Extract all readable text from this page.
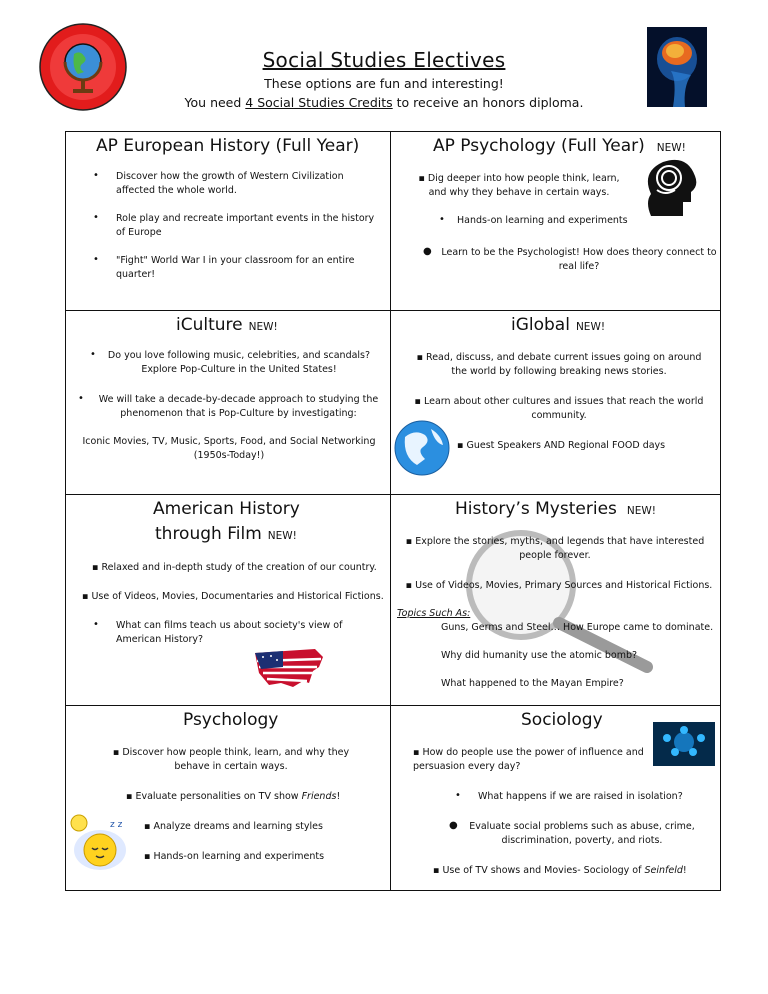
Social Studies Electives
These options are fun and interesting!
You need 4 Social Studies Credits to receive an honors diploma.
AP European History (Full Year)
• Discover how the growth of Western Civilization affected the whole world.
• Role play and recreate important events in the history of Europe
• "Fight" World War I in your classroom for an entire quarter!
AP Psychology (Full Year) NEW!
▪ Dig deeper into how people think, learn, and why they behave in certain ways.
• Hands-on learning and experiments
● Learn to be the Psychologist! How does theory connect to real life?
iCulture NEW!
•	Do you love following music, celebrities, and scandals? Explore Pop-Culture in the United States!
• We will take a decade-by-decade approach to studying the phenomenon that is Pop-Culture by investigating:
Iconic Movies, TV, Music, Sports, Food, and Social Networking (1950s-Today!)
iGlobal NEW!
▪ Read, discuss, and debate current issues going on around the world by following breaking news stories.
▪ Learn about other cultures and issues that reach the world community.
▪ Guest Speakers AND Regional FOOD days
American History
through Film NEW!
▪ Relaxed and in-depth study of the creation of our country.
▪ Use of Videos, Movies, Documentaries and Historical Fictions.
• What can films teach us about society's view of American History?
History’s Mysteries NEW!
▪ Explore the stories, myths, and legends that have interested people forever.
▪ Use of Videos, Movies, Primary Sources and Historical Fictions.
Topics Such As:
Guns, Germs and Steel… How Europe came to dominate.
Why did humanity use the atomic bomb?
What happened to the Mayan Empire?
Psychology
▪ Discover how people think, learn, and why they behave in certain ways.
▪ Evaluate personalities on TV show Friends!
▪ Analyze dreams and learning styles
▪ Hands-on learning and experiments
z z
Sociology
▪ How do people use the power of influence and persuasion every day?
• What happens if we are raised in isolation?
● Evaluate social problems such as abuse, crime, discrimination, poverty, and riots.
▪ Use of TV shows and Movies- Sociology of Seinfeld!
